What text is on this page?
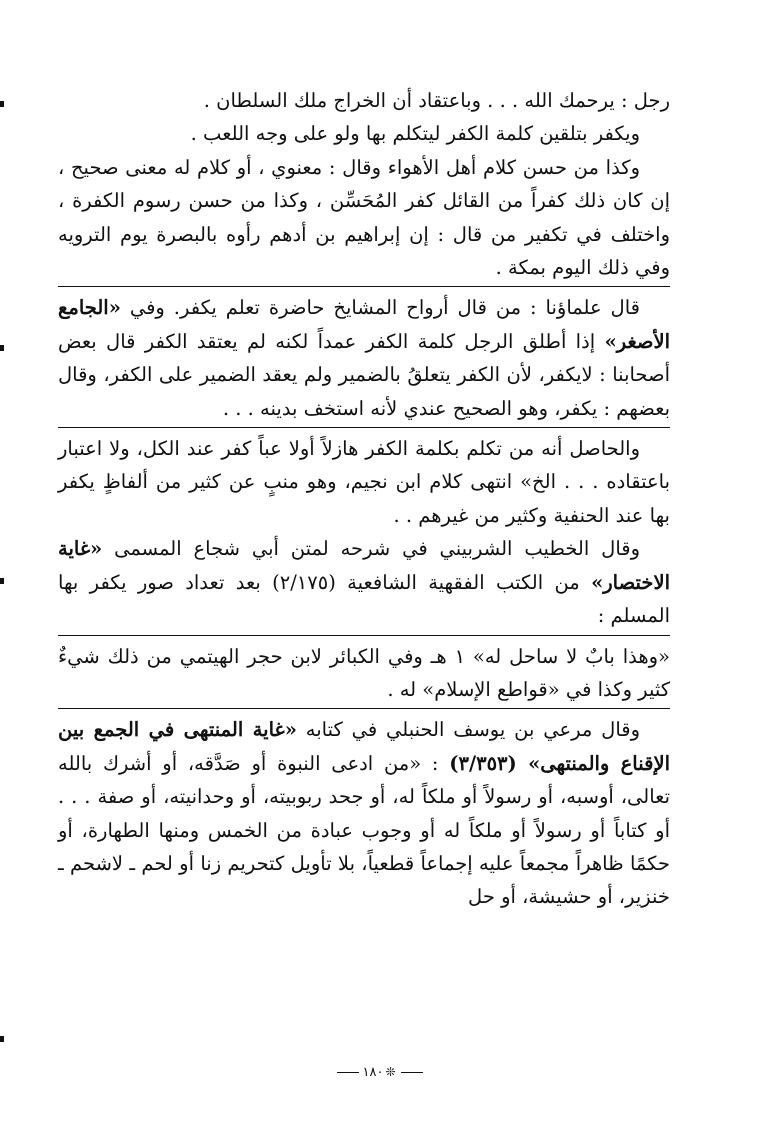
رجل : يرحمك الله . . . وباعتقاد أن الخراج ملك السلطان .

ويكفر بتلقين كلمة الكفر ليتكلم بها ولو على وجه اللعب .

وكذا من حسن كلام أهل الأهواء وقال : معنوي ، أو كلام له معنى صحيح ، إن كان ذلك كفراً من القائل كفر المُحَسِّن ، وكذا من حسن رسوم الكفرة ، واختلف في تكفير من قال : إن إبراهيم بن أدهم رأوه بالبصرة يوم الترويه وفي ذلك اليوم بمكة .

قال علماؤنا : من قال أرواح المشايخ حاضرة تعلم يكفر. وفي «الجامع الأصغر» إذا أطلق الرجل كلمة الكفر عمداً لكنه لم يعتقد الكفر قال بعض أصحابنا : لايكفر، لأن الكفر يتعلقُ بالضمير ولم يعقد الضمير على الكفر، وقال بعضهم : يكفر، وهو الصحيح عندي لأنه استخف بدينه . . .

والحاصل أنه من تكلم بكلمة الكفر هازلاً أولا عباً كفر عند الكل، ولا اعتبار باعتقاده . . . الخ» انتهى كلام ابن نجيم، وهو منبٍ عن كثير من ألفاظٍ يكفر بها عند الحنفية وكثير من غيرهم . .

وقال الخطيب الشربيني في شرحه لمتن أبي شجاع المسمى «غاية الاختصار» من الكتب الفقهية الشافعية (٢/١٧٥) بعد تعداد صور يكفر بها المسلم :

«وهذا بابٌ لا ساحل له» ١ هـ وفي الكبائر لابن حجر الهيتمي من ذلك شيءٌ كثير وكذا في «قواطع الإسلام» له .

وقال مرعي بن يوسف الحنبلي في كتابه «غاية المنتهى في الجمع بين الإقناع والمنتهى» (٣/٣٥٣) : «من ادعى النبوة أو صَدَّقه، أو أشرك بالله تعالى، أوسبه، أو رسولاً أو ملكاً له، أو جحد ربوبيته، أو وحدانيته، أو صفة . . . أو كتاباً أو رسولاً أو ملكاً له أو وجوب عبادة من الخمس ومنها الطهارة، أو حكمًا ظاهراً مجمعاً عليه إجماعاً قطعياً، بلا تأويل كتحريم زنا أو لحم ـ لاشحم ـ خنزير، أو حشيشة، أو حل

❊١٨٠
